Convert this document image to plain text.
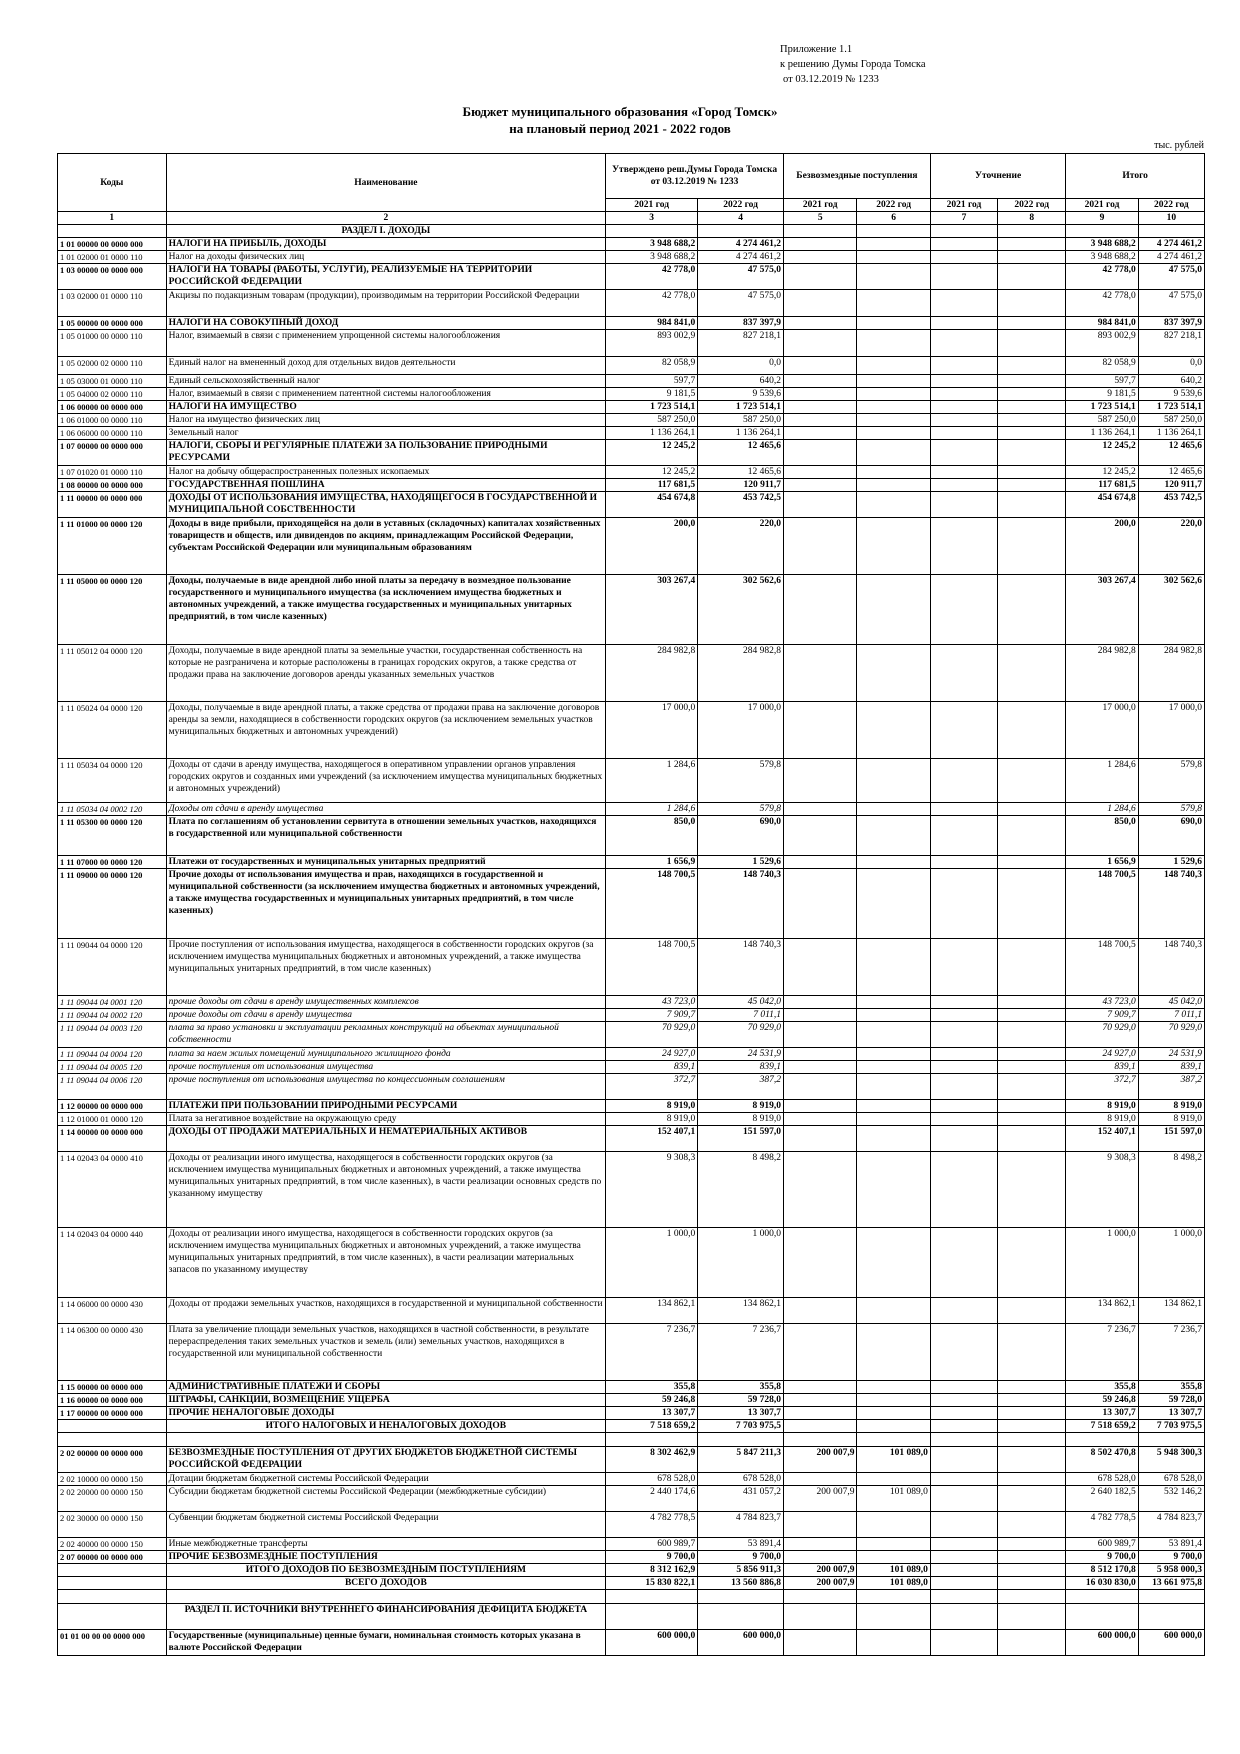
Приложение 1.1
к решению Думы Города Томска
от 03.12.2019 № 1233
Бюджет муниципального образования «Город Томск»
на плановый период 2021 - 2022 годов
тыс. рублей
Коды	Наименование	Утверждено реш.Думы Города Томска от 03.12.2019 № 1233		Безвозмездные поступления		Уточнение		Итого	
		2021 год	2022 год	2021 год	2022 год	2021 год	2022 год	2021 год	2022 год
1	2	3	4	5	6	7	8	9	10
	РАЗДЕЛ I. ДОХОДЫ								
1 01 00000 00 0000 000	НАЛОГИ НА ПРИБЫЛЬ, ДОХОДЫ	3 948 688,2	4 274 461,2					3 948 688,2	4 274 461,2
1 01 02000 01 0000 110	Налог на доходы физических лиц	3 948 688,2	4 274 461,2					3 948 688,2	4 274 461,2
1 03 00000 00 0000 000	НАЛОГИ НА ТОВАРЫ (РАБОТЫ, УСЛУГИ), РЕАЛИЗУЕМЫЕ НА ТЕРРИТОРИИ РОССИЙСКОЙ ФЕДЕРАЦИИ	42 778,0	47 575,0					42 778,0	47 575,0
1 03 02000 01 0000 110	Акцизы по подакцизным товарам (продукции), производимым на территории Российской Федерации	42 778,0	47 575,0					42 778,0	47 575,0
1 05 00000 00 0000 000	НАЛОГИ НА СОВОКУПНЫЙ ДОХОД	984 841,0	837 397,9					984 841,0	837 397,9
1 05 01000 00 0000 110	Налог, взимаемый в связи с применением упрощенной системы налогообложения	893 002,9	827 218,1					893 002,9	827 218,1
1 05 02000 02 0000 110	Единый налог на вмененный доход для отдельных видов деятельности	82 058,9	0,0					82 058,9	0,0
1 05 03000 01 0000 110	Единый сельскохозяйственный налог	597,7	640,2					597,7	640,2
1 05 04000 02 0000 110	Налог, взимаемый в связи с применением патентной системы налогообложения	9 181,5	9 539,6					9 181,5	9 539,6
1 06 00000 00 0000 000	НАЛОГИ НА ИМУЩЕСТВО	1 723 514,1	1 723 514,1					1 723 514,1	1 723 514,1
1 06 01000 00 0000 110	Налог на имущество физических лиц	587 250,0	587 250,0					587 250,0	587 250,0
1 06 06000 00 0000 110	Земельный налог	1 136 264,1	1 136 264,1					1 136 264,1	1 136 264,1
1 07 00000 00 0000 000	НАЛОГИ, СБОРЫ И РЕГУЛЯРНЫЕ ПЛАТЕЖИ ЗА ПОЛЬЗОВАНИЕ ПРИРОДНЫМИ РЕСУРСАМИ	12 245,2	12 465,6					12 245,2	12 465,6
1 07 01020 01 0000 110	Налог на добычу общераспространенных полезных ископаемых	12 245,2	12 465,6					12 245,2	12 465,6
1 08 00000 00 0000 000	ГОСУДАРСТВЕННАЯ ПОШЛИНА	117 681,5	120 911,7					117 681,5	120 911,7
1 11 00000 00 0000 000	ДОХОДЫ ОТ ИСПОЛЬЗОВАНИЯ ИМУЩЕСТВА, НАХОДЯЩЕГОСЯ В ГОСУДАРСТВЕННОЙ И МУНИЦИПАЛЬНОЙ СОБСТВЕННОСТИ	454 674,8	453 742,5					454 674,8	453 742,5
1 11 01000 00 0000 120	Доходы в виде прибыли, приходящейся на доли в уставных (складочных) капиталах хозяйственных товариществ и обществ, или дивидендов по акциям, принадлежащим Российской Федерации, субъектам Российской Федерации или муниципальным образованиям	200,0	220,0					200,0	220,0
1 11 05000 00 0000 120	Доходы, получаемые в виде арендной либо иной платы за передачу в возмездное пользование государственного и муниципального имущества (за исключением имущества бюджетных и автономных учреждений, а также имущества государственных и муниципальных унитарных предприятий, в том числе казенных)	303 267,4	302 562,6					303 267,4	302 562,6
1 11 05012 04 0000 120	Доходы, получаемые в виде арендной платы за земельные участки, государственная собственность на которые не разграничена и которые расположены в границах городских округов, а также средства от продажи права на заключение договоров аренды указанных земельных участков	284 982,8	284 982,8					284 982,8	284 982,8
1 11 05024 04 0000 120	Доходы, получаемые в виде арендной платы, а также средства от продажи права на заключение договоров аренды за земли, находящиеся в собственности городских округов (за исключением земельных участков муниципальных бюджетных и автономных учреждений)	17 000,0	17 000,0					17 000,0	17 000,0
1 11 05034 04 0000 120	Доходы от сдачи в аренду имущества, находящегося в оперативном управлении органов управления городских округов и созданных ими учреждений (за исключением имущества муниципальных бюджетных и автономных учреждений)	1 284,6	579,8					1 284,6	579,8
1 11 05034 04 0002 120	Доходы от сдачи в аренду имущества	1 284,6	579,8					1 284,6	579,8
1 11 05300 00 0000 120	Плата по соглашениям об установлении сервитута в отношении земельных участков, находящихся в государственной или муниципальной собственности	850,0	690,0					850,0	690,0
1 11 07000 00 0000 120	Платежи от государственных и муниципальных унитарных предприятий	1 656,9	1 529,6					1 656,9	1 529,6
1 11 09000 00 0000 120	Прочие доходы от использования имущества и прав, находящихся в государственной и муниципальной собственности (за исключением имущества бюджетных и автономных учреждений, а также имущества государственных и муниципальных унитарных предприятий, в том числе казенных)	148 700,5	148 740,3					148 700,5	148 740,3
1 11 09044 04 0000 120	Прочие поступления от использования имущества, находящегося в собственности городских округов (за исключением имущества муниципальных бюджетных и автономных учреждений, а также имущества муниципальных унитарных предприятий, в том числе казенных)	148 700,5	148 740,3					148 700,5	148 740,3
1 11 09044 04 0001 120	прочие доходы от сдачи в аренду имущественных комплексов	43 723,0	45 042,0					43 723,0	45 042,0
1 11 09044 04 0002 120	прочие доходы от сдачи в аренду имущества	7 909,7	7 011,1					7 909,7	7 011,1
1 11 09044 04 0003 120	плата за право установки и эксплуатации рекламных конструкций на объектах муниципальной собственности	70 929,0	70 929,0					70 929,0	70 929,0
1 11 09044 04 0004 120	плата за наем жилых помещений муниципального жилищного фонда	24 927,0	24 531,9					24 927,0	24 531,9
1 11 09044 04 0005 120	прочие поступления от использования имущества	839,1	839,1					839,1	839,1
1 11 09044 04 0006 120	прочие поступления от использования имущества по концессионным соглашениям	372,7	387,2					372,7	387,2
1 12 00000 00 0000 000	ПЛАТЕЖИ ПРИ ПОЛЬЗОВАНИИ ПРИРОДНЫМИ РЕСУРСАМИ	8 919,0	8 919,0					8 919,0	8 919,0
1 12 01000 01 0000 120	Плата за негативное воздействие на окружающую среду	8 919,0	8 919,0					8 919,0	8 919,0
1 14 00000 00 0000 000	ДОХОДЫ ОТ ПРОДАЖИ МАТЕРИАЛЬНЫХ И НЕМАТЕРИАЛЬНЫХ АКТИВОВ	152 407,1	151 597,0					152 407,1	151 597,0
1 14 02043 04 0000 410	Доходы от реализации иного имущества, находящегося в собственности городских округов (за исключением имущества муниципальных бюджетных и автономных учреждений, а также имущества муниципальных унитарных предприятий, в том числе казенных), в части реализации основных средств по указанному имуществу	9 308,3	8 498,2					9 308,3	8 498,2
1 14 02043 04 0000 440	Доходы от реализации иного имущества, находящегося в собственности городских округов (за исключением имущества муниципальных бюджетных и автономных учреждений, а также имущества муниципальных унитарных предприятий, в том числе казенных), в части реализации материальных запасов по указанному имуществу	1 000,0	1 000,0					1 000,0	1 000,0
1 14 06000 00 0000 430	Доходы от продажи земельных участков, находящихся в государственной и муниципальной собственности	134 862,1	134 862,1					134 862,1	134 862,1
1 14 06300 00 0000 430	Плата за увеличение площади земельных участков, находящихся в частной собственности, в результате перераспределения таких земельных участков и земель (или) земельных участков, находящихся в государственной или муниципальной собственности	7 236,7	7 236,7					7 236,7	7 236,7
1 15 00000 00 0000 000	АДМИНИСТРАТИВНЫЕ ПЛАТЕЖИ И СБОРЫ	355,8	355,8					355,8	355,8
1 16 00000 00 0000 000	ШТРАФЫ, САНКЦИИ, ВОЗМЕЩЕНИЕ УЩЕРБА	59 246,8	59 728,0					59 246,8	59 728,0
1 17 00000 00 0000 000	ПРОЧИЕ НЕНАЛОГОВЫЕ ДОХОДЫ	13 307,7	13 307,7					13 307,7	13 307,7
	ИТОГО НАЛОГОВЫХ И НЕНАЛОГОВЫХ ДОХОДОВ	7 518 659,2	7 703 975,5					7 518 659,2	7 703 975,5

2 02 00000 00 0000 000	БЕЗВОЗМЕЗДНЫЕ ПОСТУПЛЕНИЯ ОТ ДРУГИХ БЮДЖЕТОВ БЮДЖЕТНОЙ СИСТЕМЫ РОССИЙСКОЙ ФЕДЕРАЦИИ	8 302 462,9	5 847 211,3	200 007,9	101 089,0			8 502 470,8	5 948 300,3
2 02 10000 00 0000 150	Дотации бюджетам бюджетной системы Российской Федерации	678 528,0	678 528,0					678 528,0	678 528,0
2 02 20000 00 0000 150	Субсидии бюджетам бюджетной системы Российской Федерации (межбюджетные субсидии)	2 440 174,6	431 057,2	200 007,9	101 089,0			2 640 182,5	532 146,2
2 02 30000 00 0000 150	Субвенции бюджетам бюджетной системы Российской Федерации	4 782 778,5	4 784 823,7					4 782 778,5	4 784 823,7
2 02 40000 00 0000 150	Иные межбюджетные трансферты	600 989,7	53 891,4					600 989,7	53 891,4
2 07 00000 00 0000 000	ПРОЧИЕ БЕЗВОЗМЕЗДНЫЕ ПОСТУПЛЕНИЯ	9 700,0	9 700,0					9 700,0	9 700,0
	ИТОГО ДОХОДОВ ПО БЕЗВОЗМЕЗДНЫМ ПОСТУПЛЕНИЯМ	8 312 162,9	5 856 911,3	200 007,9	101 089,0			8 512 170,8	5 958 000,3
	ВСЕГО ДОХОДОВ	15 830 822,1	13 560 886,8	200 007,9	101 089,0			16 030 830,0	13 661 975,8

	РАЗДЕЛ II. ИСТОЧНИКИ ВНУТРЕННЕГО ФИНАНСИРОВАНИЯ ДЕФИЦИТА БЮДЖЕТА								
01 01 00 00 00 0000 000	Государственные (муниципальные) ценные бумаги, номинальная стоимость которых указана в валюте Российской Федерации	600 000,0	600 000,0					600 000,0	600 000,0
